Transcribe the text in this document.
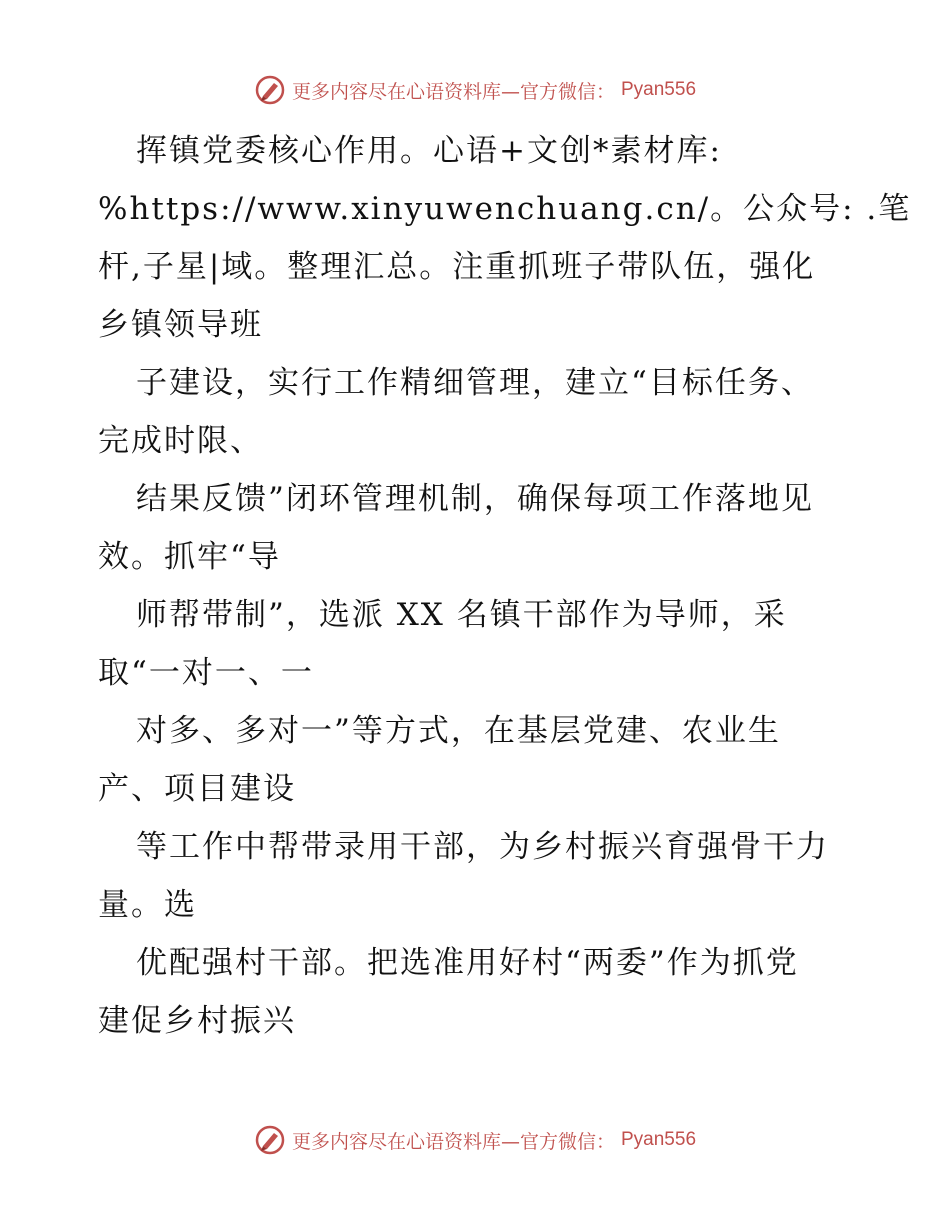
更多内容尽在心语资料库—官方微信： Pyan556
挥镇党委核心作用。心语+文创*素材库:
%https://www.xinyuwenchuang.cn/。公众号: .笔
杆,子星|域。整理汇总。注重抓班子带队伍，强化
乡镇领导班
子建设，实行工作精细管理，建立“目标任务、
完成时限、
结果反馈”闭环管理机制，确保每项工作落地见
效。抓牢“导
师帮带制”，选派 XX 名镇干部作为导师，采
取“一对一、一
对多、多对一”等方式，在基层党建、农业生
产、项目建设
等工作中帮带录用干部，为乡村振兴育强骨干力
量。选
优配强村干部。把选准用好村“两委”作为抓党
建促乡村振兴
更多内容尽在心语资料库—官方微信： Pyan556
